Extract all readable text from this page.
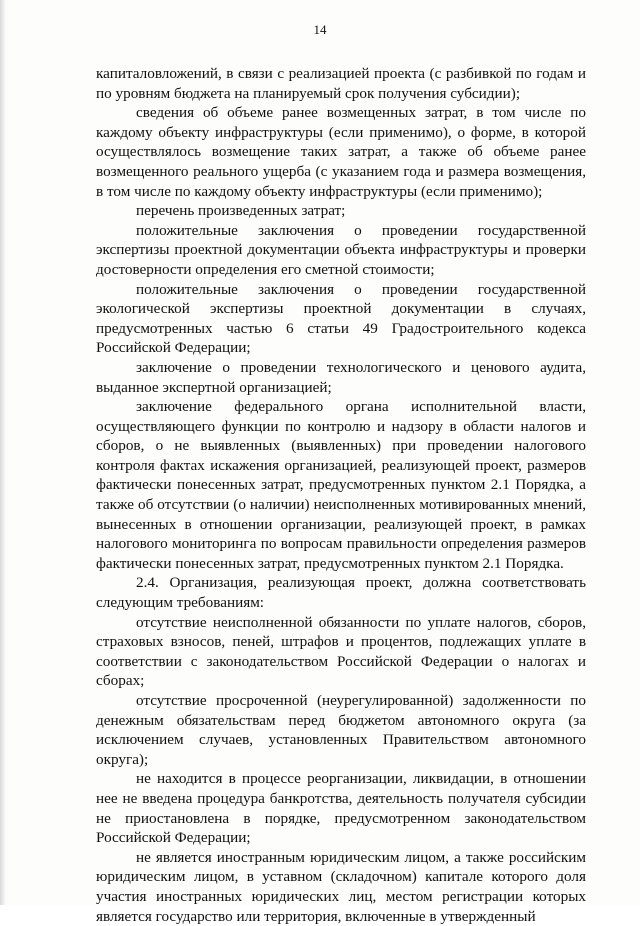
14

капиталовложений, в связи с реализацией проекта (с разбивкой по годам и по уровням бюджета на планируемый срок получения субсидии);

сведения об объеме ранее возмещенных затрат, в том числе по каждому объекту инфраструктуры (если применимо), о форме, в которой осуществлялось возмещение таких затрат, а также об объеме ранее возмещенного реального ущерба (с указанием года и размера возмещения, в том числе по каждому объекту инфраструктуры (если применимо);

перечень произведенных затрат;

положительные заключения о проведении государственной экспертизы проектной документации объекта инфраструктуры и проверки достоверности определения его сметной стоимости;

положительные заключения о проведении государственной экологической экспертизы проектной документации в случаях, предусмотренных частью 6 статьи 49 Градостроительного кодекса Российской Федерации;

заключение о проведении технологического и ценового аудита, выданное экспертной организацией;

заключение федерального органа исполнительной власти, осуществляющего функции по контролю и надзору в области налогов и сборов, о не выявленных (выявленных) при проведении налогового контроля фактах искажения организацией, реализующей проект, размеров фактически понесенных затрат, предусмотренных пунктом 2.1 Порядка, а также об отсутствии (о наличии) неисполненных мотивированных мнений, вынесенных в отношении организации, реализующей проект, в рамках налогового мониторинга по вопросам правильности определения размеров фактически понесенных затрат, предусмотренных пунктом 2.1 Порядка.

2.4. Организация, реализующая проект, должна соответствовать следующим требованиям:

отсутствие неисполненной обязанности по уплате налогов, сборов, страховых взносов, пеней, штрафов и процентов, подлежащих уплате в соответствии с законодательством Российской Федерации о налогах и сборах;

отсутствие просроченной (неурегулированной) задолженности по денежным обязательствам перед бюджетом автономного округа (за исключением случаев, установленных Правительством автономного округа);

не находится в процессе реорганизации, ликвидации, в отношении нее не введена процедура банкротства, деятельность получателя субсидии не приостановлена в порядке, предусмотренном законодательством Российской Федерации;

не является иностранным юридическим лицом, а также российским юридическим лицом, в уставном (складочном) капитале которого доля участия иностранных юридических лиц, местом регистрации которых является государство или территория, включенные в утвержденный
